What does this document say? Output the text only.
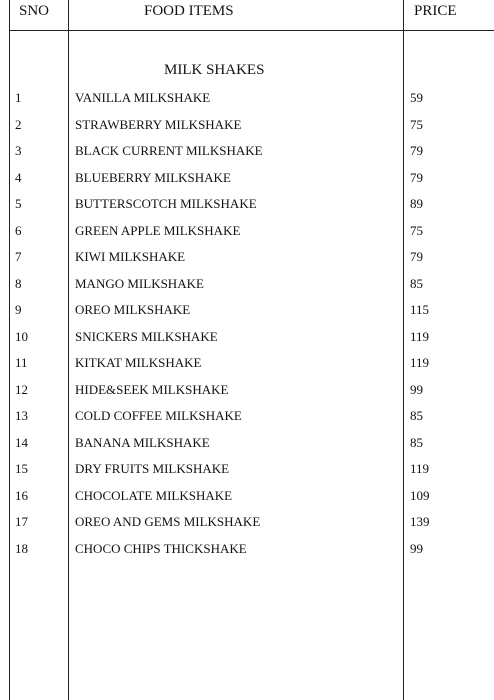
SNO	FOOD ITEMS	PRICE
MILK SHAKES
1	VANILLA MILKSHAKE	59
2	STRAWBERRY MILKSHAKE	75
3	BLACK CURRENT MILKSHAKE	79
4	BLUEBERRY MILKSHAKE	79
5	BUTTERSCOTCH MILKSHAKE	89
6	GREEN APPLE MILKSHAKE	75
7	KIWI MILKSHAKE	79
8	MANGO MILKSHAKE	85
9	OREO MILKSHAKE	115
10	SNICKERS MILKSHAKE	119
11	KITKAT MILKSHAKE	119
12	HIDE&SEEK MILKSHAKE	99
13	COLD COFFEE MILKSHAKE	85
14	BANANA MILKSHAKE	85
15	DRY FRUITS MILKSHAKE	119
16	CHOCOLATE MILKSHAKE	109
17	OREO AND GEMS MILKSHAKE	139
18	CHOCO CHIPS THICKSHAKE	99
